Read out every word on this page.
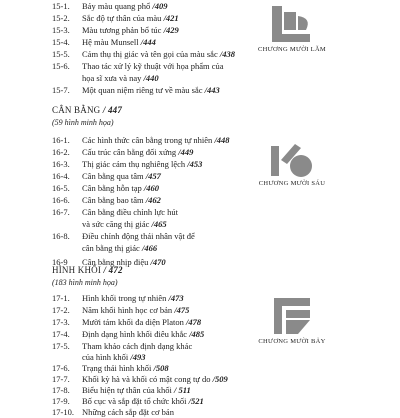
15-1. Bảy màu quang phổ /409
15-2. Sắc độ tự thân của màu /421
15-3. Màu tương phản bổ túc /429
15-4. Hệ màu Munsell /444
15-5. Cảm thụ thị giác và tên gọi của màu sắc /438
15-6. Thao tác xử lý kỹ thuật với họa phẩm của
họa sĩ xưa và nay /440
15-7. Một quan niệm riêng tư về màu sắc /443
CHƯƠNG MƯỜI LĂM
CÂN BẰNG / 447
(59 hình minh họa)
16-1. Các hình thức cân bằng trong tự nhiên /448
16-2. Cấu trúc cân bằng đối xứng /449
16-3. Thị giác cảm thụ nghiêng lệch /453
16-4. Cân bằng qua tâm /457
16-5. Cân bằng hỗn tạp /460
16-6. Cân bằng bao tâm /462
16-7. Cân bằng điều chỉnh lực hút
và sức căng thị giác /465
16-8. Điều chỉnh động thái nhân vật để
cân bằng thị giác /466
16-9 Cân bằng nhịp điệu /470
CHƯƠNG MƯỜI SÁU
HÌNH KHỐI / 472
(183 hình minh họa)
17-1. Hình khối trong tự nhiên /473
17-2. Năm khối hình học cơ bản /475
17-3. Mười tám khối đa diện Platon /478
17-4. Định dạng hình khối điêu khắc /485
17-5. Tham khảo cách định dạng khác
của hình khối /493
17-6. Trạng thái hình khối /508
17-7. Khối kỳ hà và khối có mật cong tự do /509
17-8. Biểu hiện tự thân của khối / 511
17-9. Bố cục và sắp đặt tổ chức khối /521
17-10. Những cách sắp đặt cơ bản
CHƯƠNG MƯỜI BẢY
